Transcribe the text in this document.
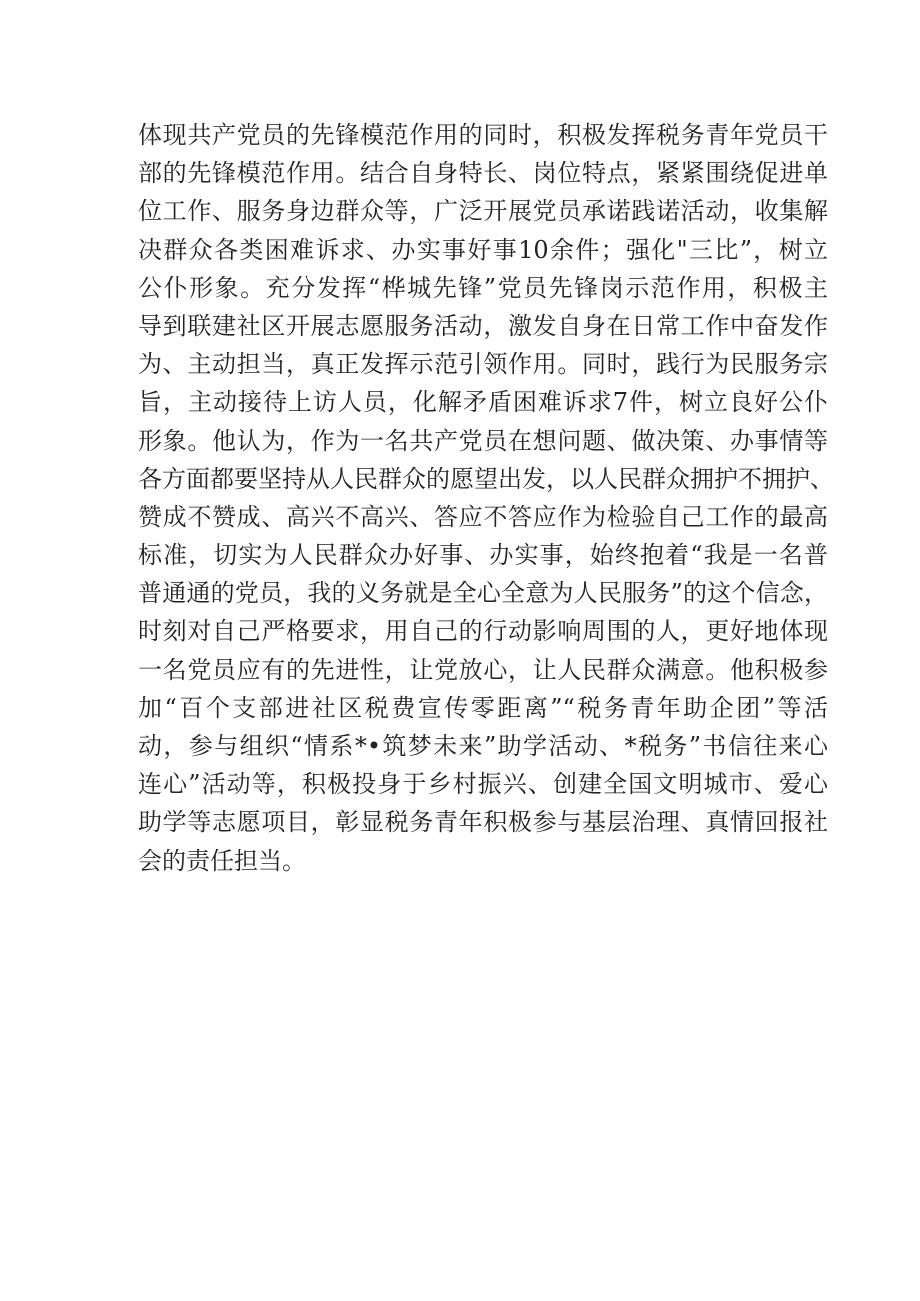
体现共产党员的先锋模范作用的同时，积极发挥税务青年党员干
部的先锋模范作用。结合自身特长、岗位特点，紧紧围绕促进单
位工作、服务身边群众等，广泛开展党员承诺践诺活动，收集解
决群众各类困难诉求、办实事好事10余件；强化"三比”，树立
公仆形象。充分发挥“桦城先锋”党员先锋岗示范作用，积极主
导到联建社区开展志愿服务活动，激发自身在日常工作中奋发作
为、主动担当，真正发挥示范引领作用。同时，践行为民服务宗
旨，主动接待上访人员，化解矛盾困难诉求7件，树立良好公仆
形象。他认为，作为一名共产党员在想问题、做决策、办事情等
各方面都要坚持从人民群众的愿望出发，以人民群众拥护不拥护、
赞成不赞成、高兴不高兴、答应不答应作为检验自己工作的最高
标准，切实为人民群众办好事、办实事，始终抱着“我是一名普
普通通的党员，我的义务就是全心全意为人民服务”的这个信念，
时刻对自己严格要求，用自己的行动影响周围的人，更好地体现
一名党员应有的先进性，让党放心，让人民群众满意。他积极参
加“百个支部进社区税费宣传零距离”“税务青年助企团”等活
动，参与组织“情系*•筑梦未来”助学活动、*税务”书信往来心
连心”活动等，积极投身于乡村振兴、创建全国文明城市、爱心
助学等志愿项目，彰显税务青年积极参与基层治理、真情回报社
会的责任担当。
